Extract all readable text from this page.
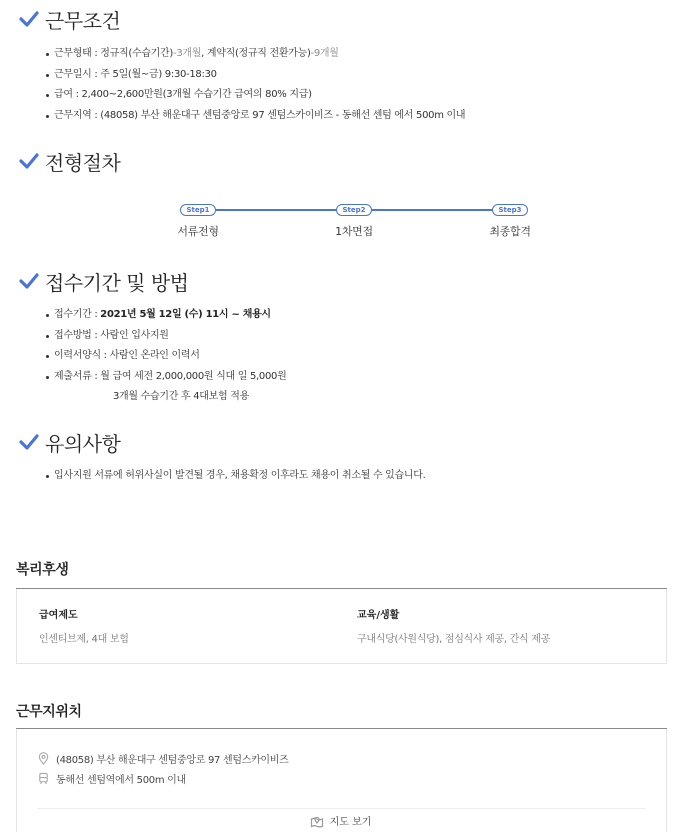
근무조건
근무형태 : 정규직(수습기간)-3개월, 계약직(정규직 전환가능)-9개월
근무일시 : 주 5일(월~금) 9:30-18:30
급여 : 2,400~2,600만원(3개월 수습기간 급여의 80% 지급)
근무지역 : (48058) 부산 해운대구 센텀중앙로 97 센텀스카이비즈 - 동해선 센텀 에서 500m 이내
전형절차
Step1	Step2	Step3
서류전형	1차면접	최종합격
접수기간 및 방법
접수기간 : 2021년 5월 12일 (수) 11시 ~ 채용시
접수방법 : 사람인 입사지원
이력서양식 : 사람인 온라인 이력서
제출서류 : 월 급여 세전 2,000,000원 식대 일 5,000원
3개월 수습기간 후 4대보험 적용
유의사항
입사지원 서류에 허위사실이 발견될 경우, 채용확정 이후라도 채용이 취소될 수 있습니다.
복리후생
급여제도
인센티브제, 4대 보험
교육/생활
구내식당(사원식당), 점심식사 제공, 간식 제공
근무지위치
(48058) 부산 해운대구 센텀중앙로 97 센텀스카이비즈
동해선 센텀역에서 500m 이내
지도 보기
